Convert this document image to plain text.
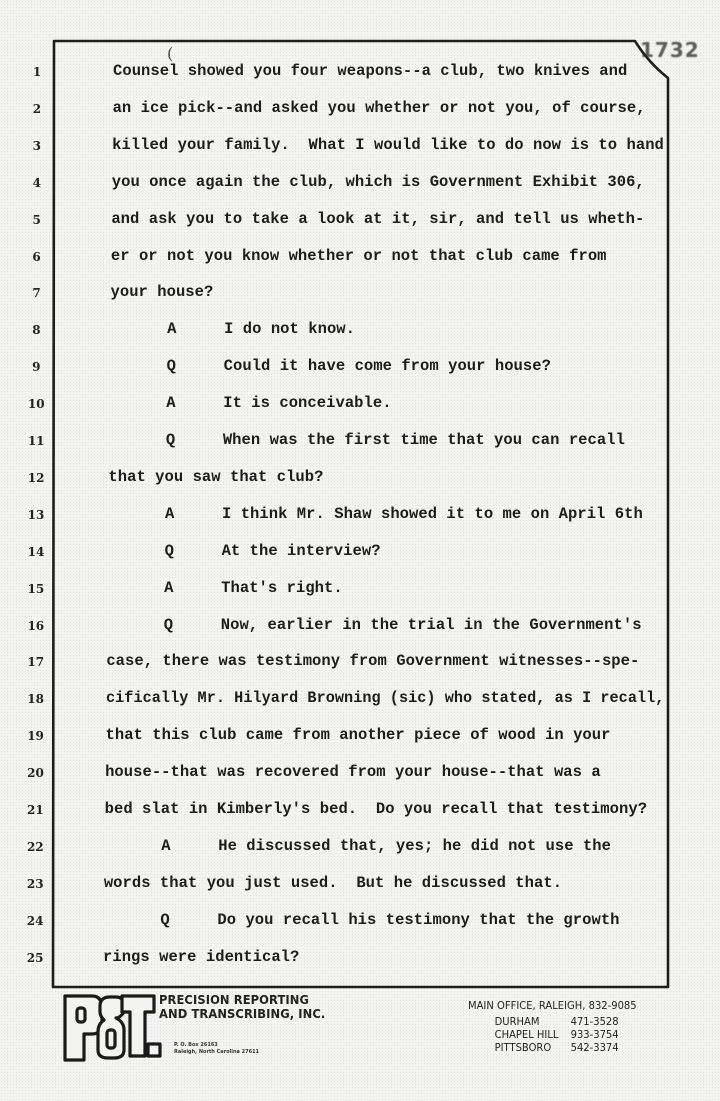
1732
(
1	Counsel showed you four weapons--a club, two knives and
2	an ice pick--and asked you whether or not you, of course,
3	killed your family.  What I would like to do now is to hand
4	you once again the club, which is Government Exhibit 306,
5	and ask you to take a look at it, sir, and tell us wheth-
6	er or not you know whether or not that club came from
7	your house?
8	A	I do not know.
9	Q	Could it have come from your house?
10	A	It is conceivable.
11	Q	When was the first time that you can recall
12	that you saw that club?
13	A	I think Mr. Shaw showed it to me on April 6th
14	Q	At the interview?
15	A	That's right.
16	Q	Now, earlier in the trial in the Government's
17	case, there was testimony from Government witnesses--spe-
18	cifically Mr. Hilyard Browning (sic) who stated, as I recall,
19	that this club came from another piece of wood in your
20	house--that was recovered from your house--that was a
21	bed slat in Kimberly's bed.  Do you recall that testimony?
22	A	He discussed that, yes; he did not use the
23	words that you just used.  But he discussed that.
24	Q	Do you recall his testimony that the growth
25	rings were identical?
PRECISION REPORTING
AND TRANSCRIBING, INC.
P. O. Box 26163
Raleigh, North Carolina 27611
MAIN OFFICE, RALEIGH, 832-9085
DURHAM	471-3528
CHAPEL HILL	933-3754
PITTSBORO	542-3374
